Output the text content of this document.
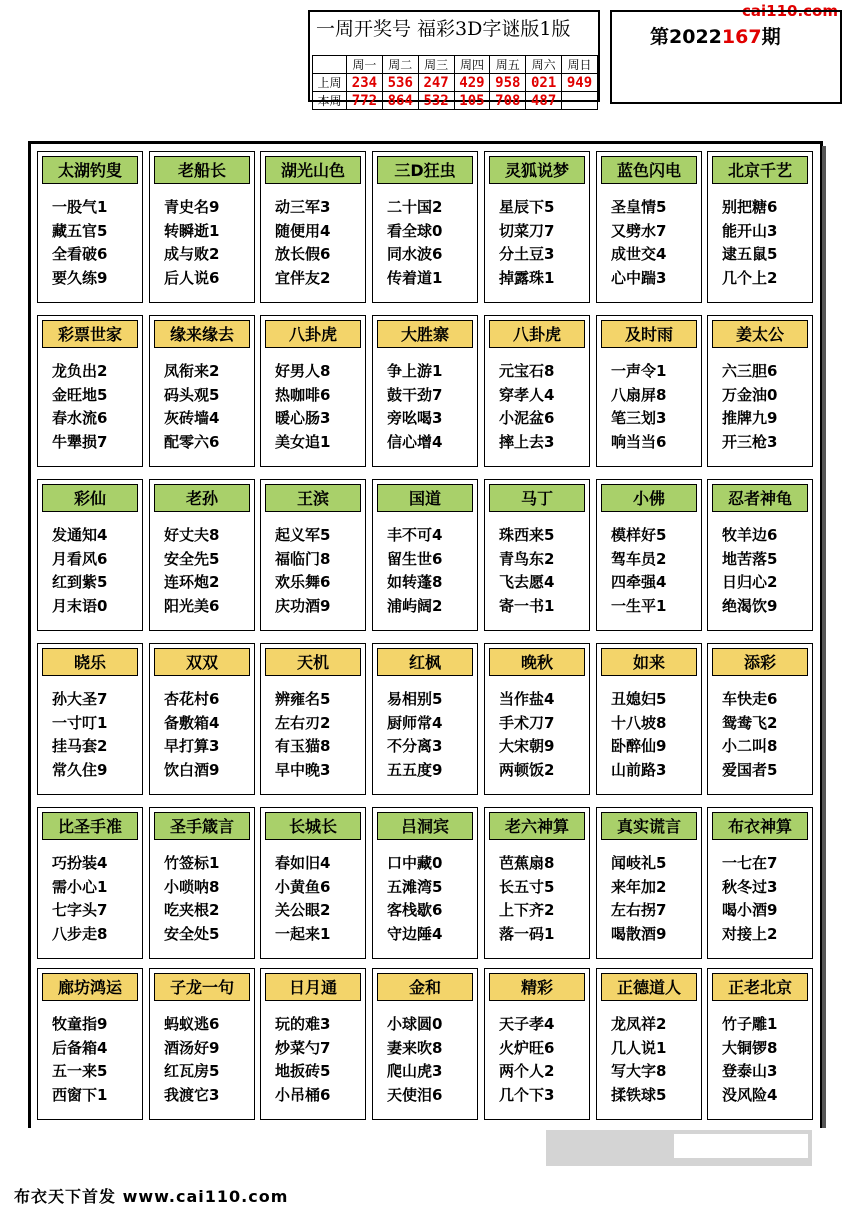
cai110.com
一周开奖号 福彩3D字谜版1版
	周一	周二	周三	周四	周五	周六	周日
上周	234	536	247	429	958	021	949
本周	772	864	532	105	708	487	
第2022167期
太湖钓叟
一股气1
藏五官5
全看破6
要久练9
老船长
青史名9
转瞬逝1
成与败2
后人说6
湖光山色
动三军3
随便用4
放长假6
宜伴友2
三D狂虫
二十国2
看全球0
同水波6
传着道1
灵狐说梦
星辰下5
切菜刀7
分土豆3
掉露珠1
蓝色闪电
圣皇情5
又劈水7
成世交4
心中踹3
北京千艺
别把糖6
能开山3
逮五鼠5
几个上2
彩票世家
龙负出2
金旺地5
春水流6
牛犟损7
缘来缘去
凤衔来2
码头观5
灰砖墙4
配零六6
八卦虎
好男人8
热咖啡6
暖心肠3
美女追1
大胜寨
争上游1
鼓干劲7
旁吆喝3
信心增4
八卦虎
元宝石8
穿孝人4
小泥盆6
摔上去3
及时雨
一声令1
八扇屏8
笔三划3
响当当6
姜太公
六三胆6
万金油0
推牌九9
开三枪3
彩仙
发通知4
月看风6
红到紫5
月末语0
老孙
好丈夫8
安全先5
连环炮2
阳光美6
王滨
起义军5
福临门8
欢乐舞6
庆功酒9
国道
丰不可4
留生世6
如转蓬8
浦屿阔2
马丁
珠西来5
青鸟东2
飞去愿4
寄一书1
小佛
模样好5
驾车员2
四牵强4
一生平1
忍者神龟
牧羊边6
地苦落5
日归心2
绝渴饮9
晓乐
孙大圣7
一寸叮1
挂马套2
常久住9
双双
杏花村6
备敷箱4
早打算3
饮白酒9
天机
辨雍名5
左右刃2
有玉猫8
早中晚3
红枫
易相别5
厨师常4
不分离3
五五度9
晚秋
当作盐4
手术刀7
大宋朝9
两顿饭2
如来
丑媳妇5
十八坡8
卧醉仙9
山前路3
添彩
车快走6
鸳鸯飞2
小二叫8
爱国者5
比圣手准
巧扮装4
需小心1
七字头7
八步走8
圣手箴言
竹签标1
小唢呐8
吃夹根2
安全处5
长城长
春如旧4
小黄鱼6
关公眼2
一起来1
吕洞宾
口中藏0
五滩湾5
客栈歇6
守边陲4
老六神算
芭蕉扇8
长五寸5
上下齐2
落一码1
真实谎言
闻岐礼5
来年加2
左右拐7
喝散酒9
布衣神算
一七在7
秋冬过3
喝小酒9
对接上2
廊坊鸿运
牧童指9
后备箱4
五一来5
西窗下1
子龙一句
蚂蚁逃6
酒汤好9
红瓦房5
我渡它3
日月通
玩的难3
炒菜勺7
地扳砖5
小吊桶6
金和
小球圆0
妻来吹8
爬山虎3
天使泪6
精彩
天子孝4
火炉旺6
两个人2
几个下3
正德道人
龙凤祥2
几人说1
写大字8
揉铁球5
正老北京
竹子雕1
大铜锣8
登泰山3
没风险4
布衣天下首发 www.cai110.com
